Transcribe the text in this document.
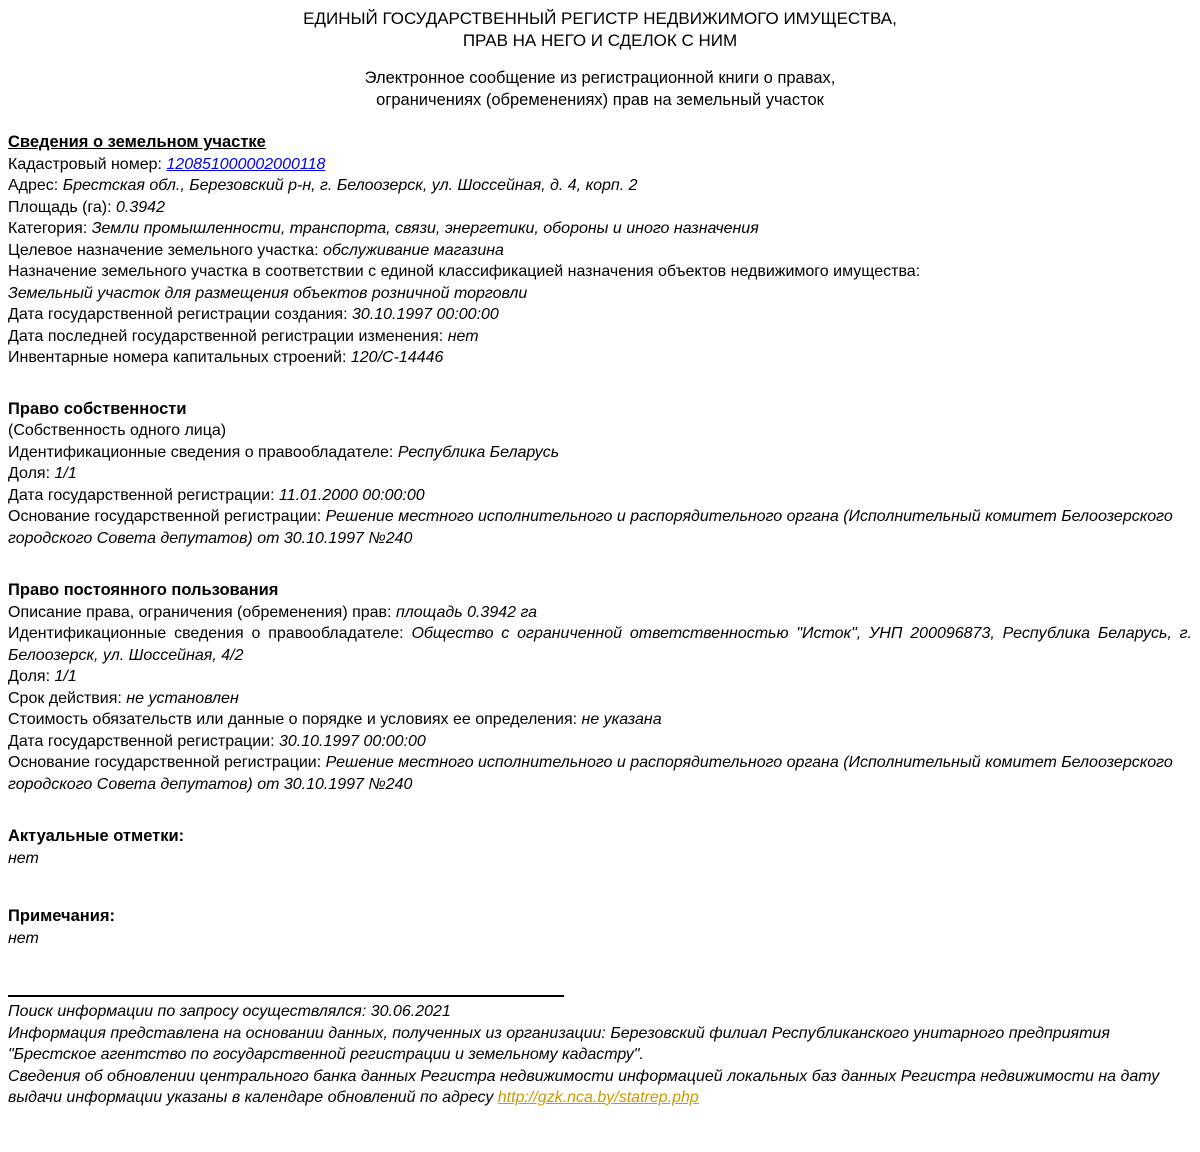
ЕДИНЫЙ ГОСУДАРСТВЕННЫЙ РЕГИСТР НЕДВИЖИМОГО ИМУЩЕСТВА,
ПРАВ НА НЕГО И СДЕЛОК С НИМ

Электронное сообщение из регистрационной книги о правах,
ограничениях (обременениях) прав на земельный участок

Сведения о земельном участке

Кадастровый номер: 120851000002000118

Адрес: Брестская обл., Березовский р-н, г. Белоозерск, ул. Шоссейная, д. 4, корп. 2

Площадь (га): 0.3942

Категория: Земли промышленности, транспорта, связи, энергетики, обороны и иного назначения

Целевое назначение земельного участка: обслуживание магазина

Назначение земельного участка в соответствии с единой классификацией назначения объектов недвижимого имущества:

Земельный участок для размещения объектов розничной торговли

Дата государственной регистрации создания: 30.10.1997 00:00:00

Дата последней государственной регистрации изменения: нет

Инвентарные номера капитальных строений: 120/С-14446

Право собственности

(Собственность одного лица)

Идентификационные сведения о правообладателе: Республика Беларусь

Доля: 1/1

Дата государственной регистрации: 11.01.2000 00:00:00

Основание государственной регистрации: Решение местного исполнительного и распорядительного органа (Исполнительный комитет Белоозерского городского Совета депутатов) от 30.10.1997 №240

Право постоянного пользования

Описание права, ограничения (обременения) прав: площадь 0.3942 га

Идентификационные сведения о правообладателе: Общество с ограниченной ответственностью "Исток", УНП 200096873, Республика Беларусь, г. Белоозерск, ул. Шоссейная, 4/2

Доля: 1/1

Срок действия: не установлен

Стоимость обязательств или данные о порядке и условиях ее определения: не указана

Дата государственной регистрации: 30.10.1997 00:00:00

Основание государственной регистрации: Решение местного исполнительного и распорядительного органа (Исполнительный комитет Белоозерского городского Совета депутатов) от 30.10.1997 №240

Актуальные отметки:

нет

Примечания:

нет

Поиск информации по запросу осуществлялся: 30.06.2021

Информация представлена на основании данных, полученных из организации: Березовский филиал Республиканского унитарного предприятия "Брестское агентство по государственной регистрации и земельному кадастру".

Сведения об обновлении центрального банка данных Регистра недвижимости информацией локальных баз данных Регистра недвижимости на дату выдачи информации указаны в календаре обновлений по адресу http://gzk.nca.by/statrep.php
